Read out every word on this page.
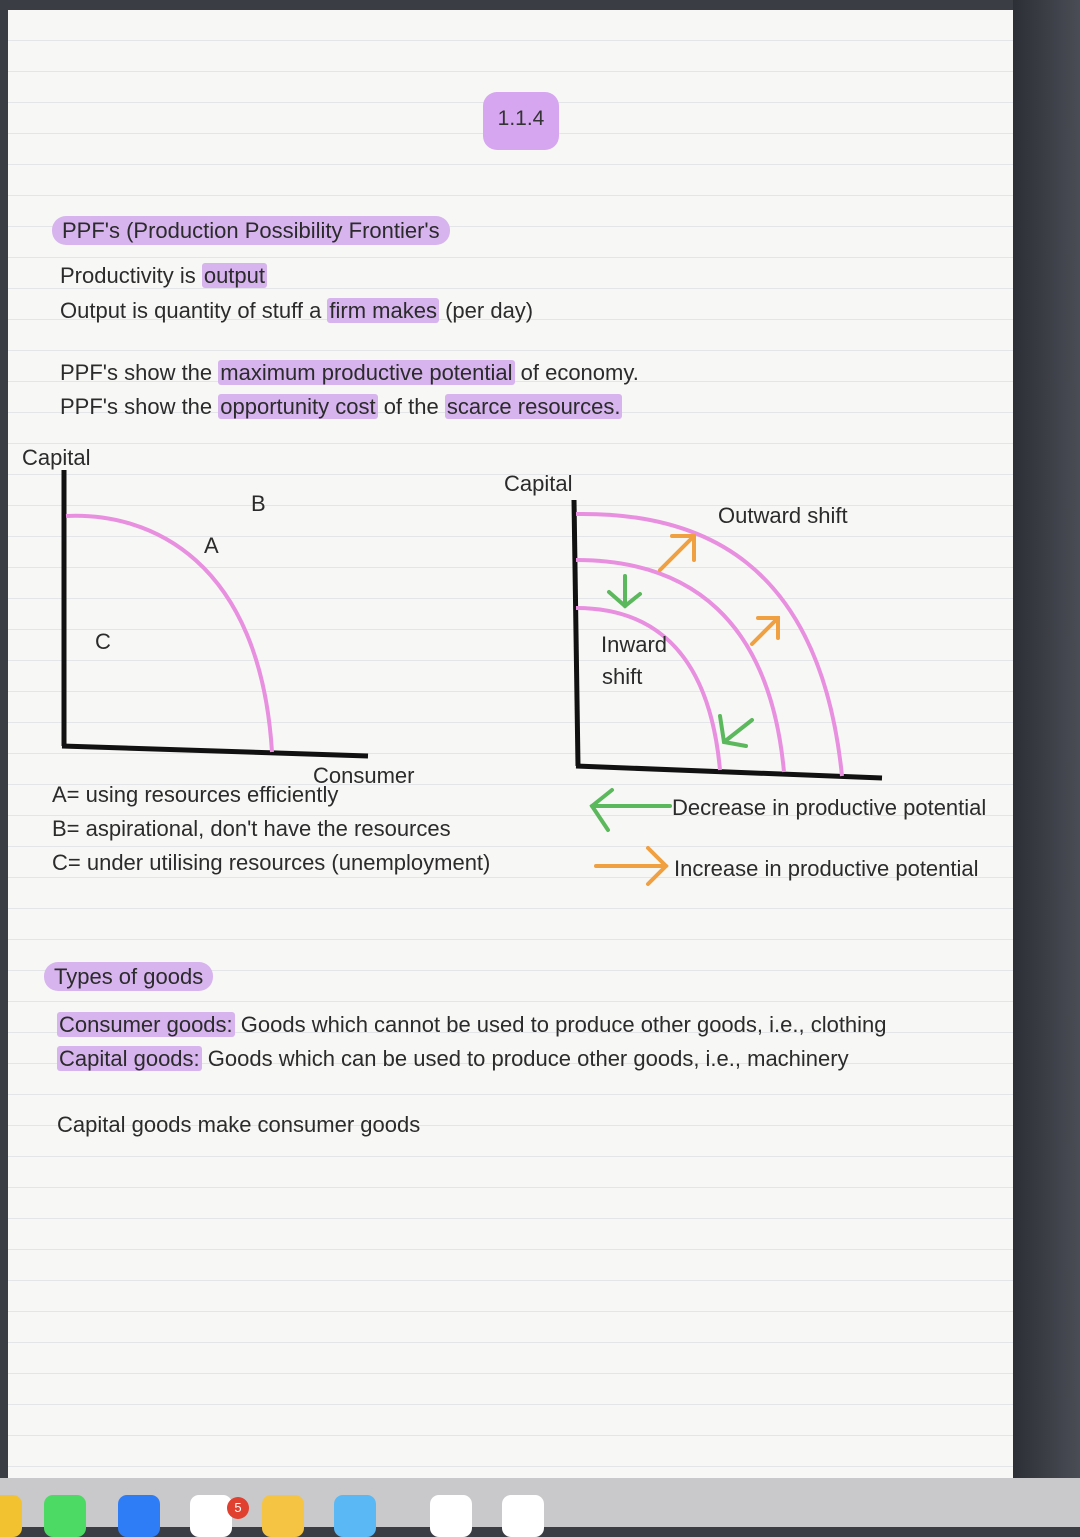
1.1.4
PPF's (Production Possibility Frontier's
Productivity is output
Output is quantity of stuff a firm makes (per day)
PPF's show the maximum productive potential of economy.
PPF's show the opportunity cost of the scarce resources.
Capital
Consumer
A
B
C
Capital
Outward shift
Inward
shift
Decrease in productive potential
Increase in productive potential
A= using resources efficiently
B= aspirational, don't have the resources
C= under utilising resources (unemployment)
Types of goods
Consumer goods: Goods which cannot be used to produce other goods, i.e., clothing
Capital goods: Goods which can be used to produce other goods, i.e., machinery
Capital goods make consumer goods
5
